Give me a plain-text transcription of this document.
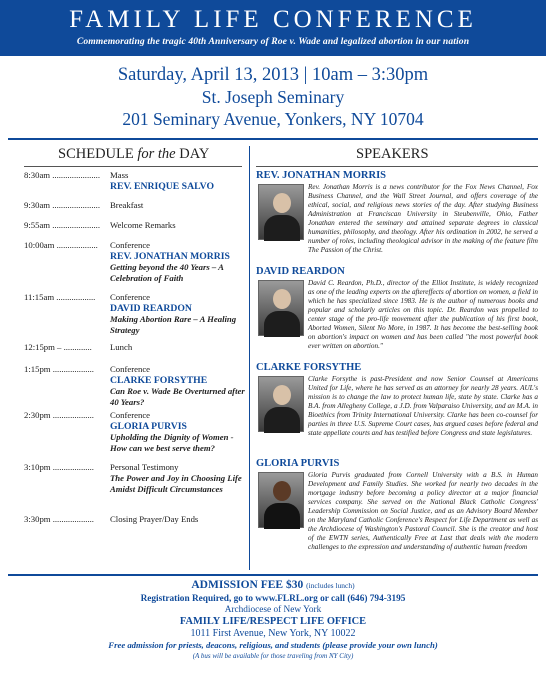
FAMILY LIFE CONFERENCE
Commemorating the tragic 40th Anniversary of Roe v. Wade and legalized abortion in our nation
Saturday, April 13, 2013 | 10am – 3:30pm
St. Joseph Seminary
201 Seminary Avenue, Yonkers, NY 10704
SCHEDULE for the DAY	SPEAKERS
8:30am ......................	Mass
REV. ENRIQUE SALVO
9:30am ......................	Breakfast
9:55am ......................	Welcome Remarks
10:00am ...................	Conference
REV. JONATHAN MORRIS
Getting beyond the 40 Years – A Celebration of Faith
11:15am ..................	Conference
DAVID REARDON
Making Abortion Rare – A Healing Strategy
12:15pm – .............	Lunch
1:15pm ...................	Conference
CLARKE FORSYTHE
Can Roe v. Wade Be Overturned after 40 Years?
2:30pm ...................	Conference
GLORIA PURVIS
Upholding the Dignity of Women - How can we best serve them?
3:10pm ...................	Personal Testimony
The Power and Joy in Choosing Life Amidst Difficult Circumstances
3:30pm ...................	Closing Prayer/Day Ends
REV. JONATHAN MORRIS
Rev. Jonathan Morris is a news contributor for the Fox News Channel, Fox Business Channel, and the Wall Street Journal, and offers coverage of the ethical, social, and religious news stories of the day. After studying Business Administration at Franciscan University in Steubenville, Ohio, Father Jonathan entered the seminary and attained separate degrees in classical humanities, philosophy, and theology. After his ordination in 2002, he served a number of roles, including theological advisor in the making of the feature film The Passion of the Christ.
DAVID REARDON
David C. Reardon, Ph.D., director of the Elliot Institute, is widely recognized as one of the leading experts on the aftereffects of abortion on women, a field in which he has specialized since 1983. He is the author of numerous books and popular and scholarly articles on this topic. Dr. Reardon was propelled to center stage of the pro-life movement after the publication of his first book, Aborted Women, Silent No More, in 1987. It has become the best-selling book on abortion's impact on women and has been called "the most powerful book ever written on abortion."
CLARKE FORSYTHE
Clarke Forsythe is past-President and now Senior Counsel at Americans United for Life, where he has served as an attorney for nearly 28 years. AUL's mission is to change the law to protect human life, state by state. Clarke has a B.A. from Allegheny College, a J.D. from Valparaiso University, and an M.A. in Bioethics from Trinity International University. Clarke has been co-counsel for parties in three U.S. Supreme Court cases, has argued cases before federal and state appellate courts and has testified before Congress and state legislatures.
GLORIA PURVIS
Gloria Purvis graduated from Cornell University with a B.S. in Human Development and Family Studies. She worked for nearly two decades in the mortgage industry before becoming a policy director at a major financial services company. She served on the National Black Catholic Congress' Leadership Commission on Social Justice, and as an Advisory Board Member on the Maryland Catholic Conference's Respect for Life Department as well as the Archdiocese of Washington's Pastoral Council. She is the creator and host of the EWTN series, Authentically Free at Last that deals with the modern challenges to the expression and understanding of authentic human freedom
ADMISSION FEE $30 (includes lunch)
Registration Required, go to www.FLRL.org or call (646) 794-3195
Archdiocese of New York
FAMILY LIFE/RESPECT LIFE OFFICE
1011 First Avenue, New York, NY 10022
Free admission for priests, deacons, religious, and students (please provide your own lunch)
(A bus will be available for those traveling from NY City)
